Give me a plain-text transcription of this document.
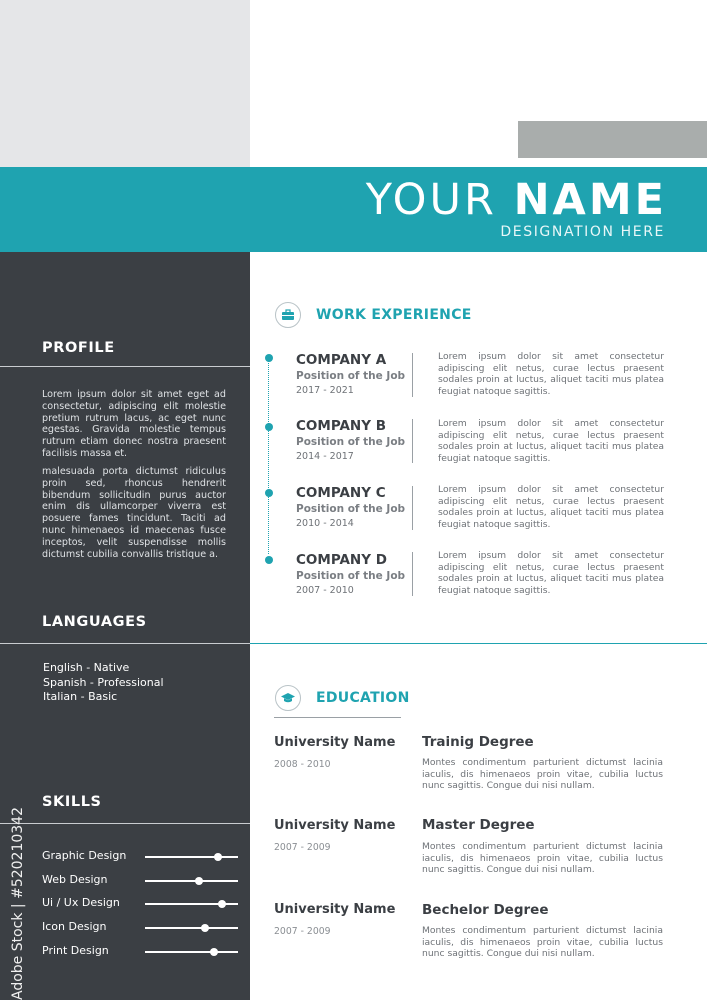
YOUR NAME
DESIGNATION HERE
PROFILE
Lorem ipsum dolor sit amet eget ad consectetur, adipiscing elit molestie pretium rutrum lacus, ac eget nunc egestas. Gravida molestie tempus rutrum etiam donec nostra praesent facilisis massa et.
malesuada porta dictumst ridiculus proin sed, rhoncus hendrerit bibendum sollicitudin purus auctor enim dis ullamcorper viverra est posuere fames tincidunt. Taciti ad nunc himenaeos id maecenas fusce inceptos, velit suspendisse mollis dictumst cubilia convallis tristique a.
LANGUAGES
English - Native
Spanish - Professional
Italian - Basic
SKILLS
Graphic Design
Web Design
Ui / Ux Design
Icon Design
Print Design
Adobe Stock | #520210342
WORK EXPERIENCE
COMPANY A
Position of the Job
2017 - 2021
Lorem ipsum dolor sit amet consectetur adipiscing elit netus, curae lectus praesent sodales proin at luctus, aliquet taciti mus platea feugiat natoque sagittis.
COMPANY B
Position of the Job
2014 - 2017
Lorem ipsum dolor sit amet consectetur adipiscing elit netus, curae lectus praesent sodales proin at luctus, aliquet taciti mus platea feugiat natoque sagittis.
COMPANY C
Position of the Job
2010 - 2014
Lorem ipsum dolor sit amet consectetur adipiscing elit netus, curae lectus praesent sodales proin at luctus, aliquet taciti mus platea feugiat natoque sagittis.
COMPANY D
Position of the Job
2007 - 2010
Lorem ipsum dolor sit amet consectetur adipiscing elit netus, curae lectus praesent sodales proin at luctus, aliquet taciti mus platea feugiat natoque sagittis.
EDUCATION
University Name
2008 - 2010
Trainig Degree
Montes condimentum parturient dictumst lacinia iaculis, dis himenaeos proin vitae, cubilia luctus nunc sagittis. Congue dui nisi nullam.
University Name
2007 - 2009
Master Degree
Montes condimentum parturient dictumst lacinia iaculis, dis himenaeos proin vitae, cubilia luctus nunc sagittis. Congue dui nisi nullam.
University Name
2007 - 2009
Bechelor Degree
Montes condimentum parturient dictumst lacinia iaculis, dis himenaeos proin vitae, cubilia luctus nunc sagittis. Congue dui nisi nullam.
